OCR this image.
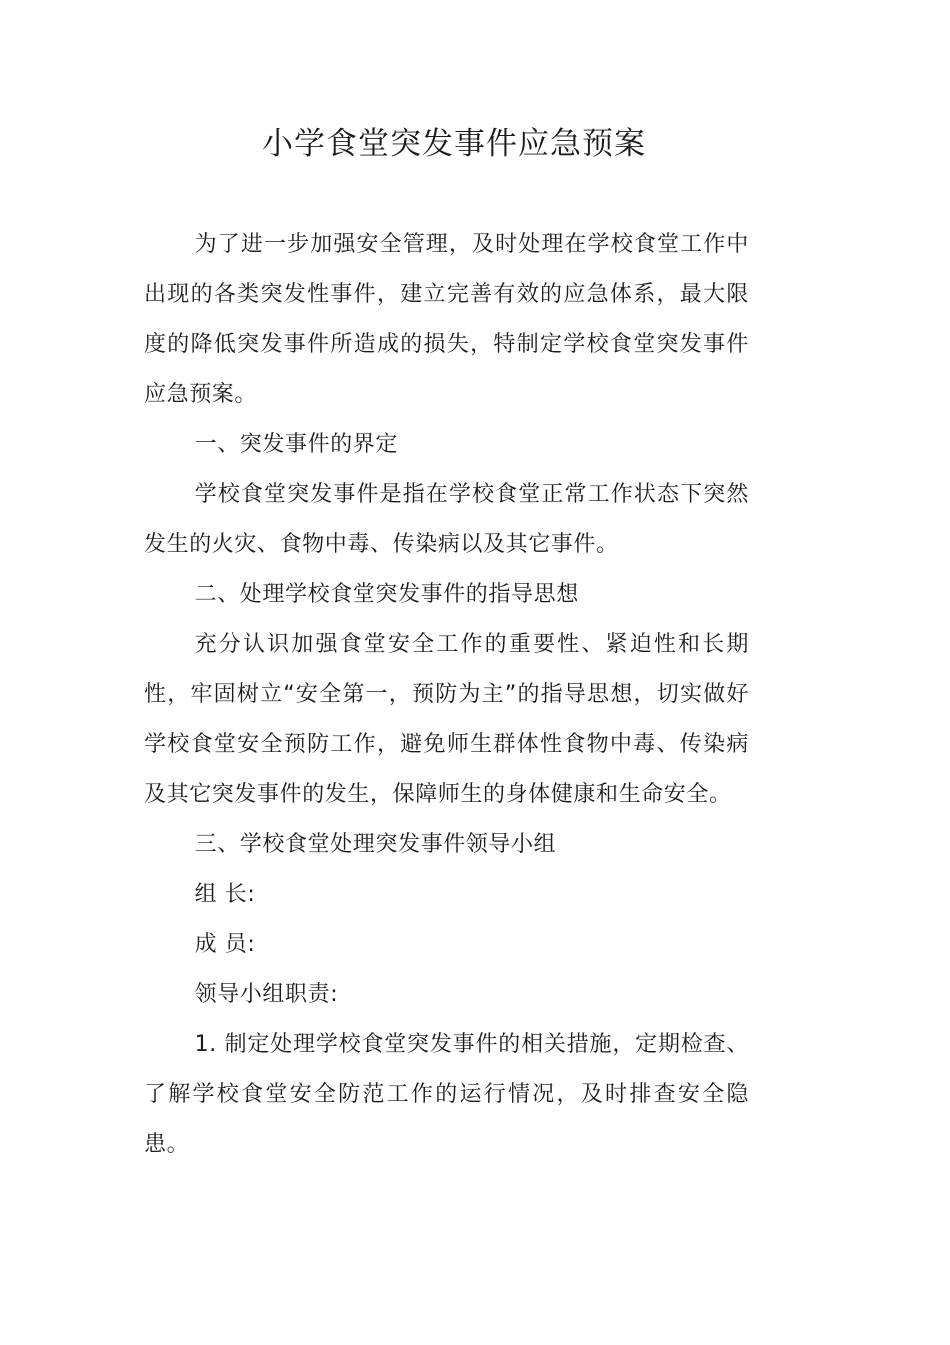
小学食堂突发事件应急预案

为了进一步加强安全管理，及时处理在学校食堂工作中出现的各类突发性事件，建立完善有效的应急体系，最大限度的降低突发事件所造成的损失，特制定学校食堂突发事件应急预案。

一、突发事件的界定

学校食堂突发事件是指在学校食堂正常工作状态下突然发生的火灾、食物中毒、传染病以及其它事件。

二、处理学校食堂突发事件的指导思想

充分认识加强食堂安全工作的重要性、紧迫性和长期性，牢固树立“安全第一，预防为主”的指导思想，切实做好学校食堂安全预防工作，避免师生群体性食物中毒、传染病及其它突发事件的发生，保障师生的身体健康和生命安全。

三、学校食堂处理突发事件领导小组

组 长:

成 员:

领导小组职责:

1. 制定处理学校食堂突发事件的相关措施，定期检查、了解学校食堂安全防范工作的运行情况，及时排查安全隐患。
